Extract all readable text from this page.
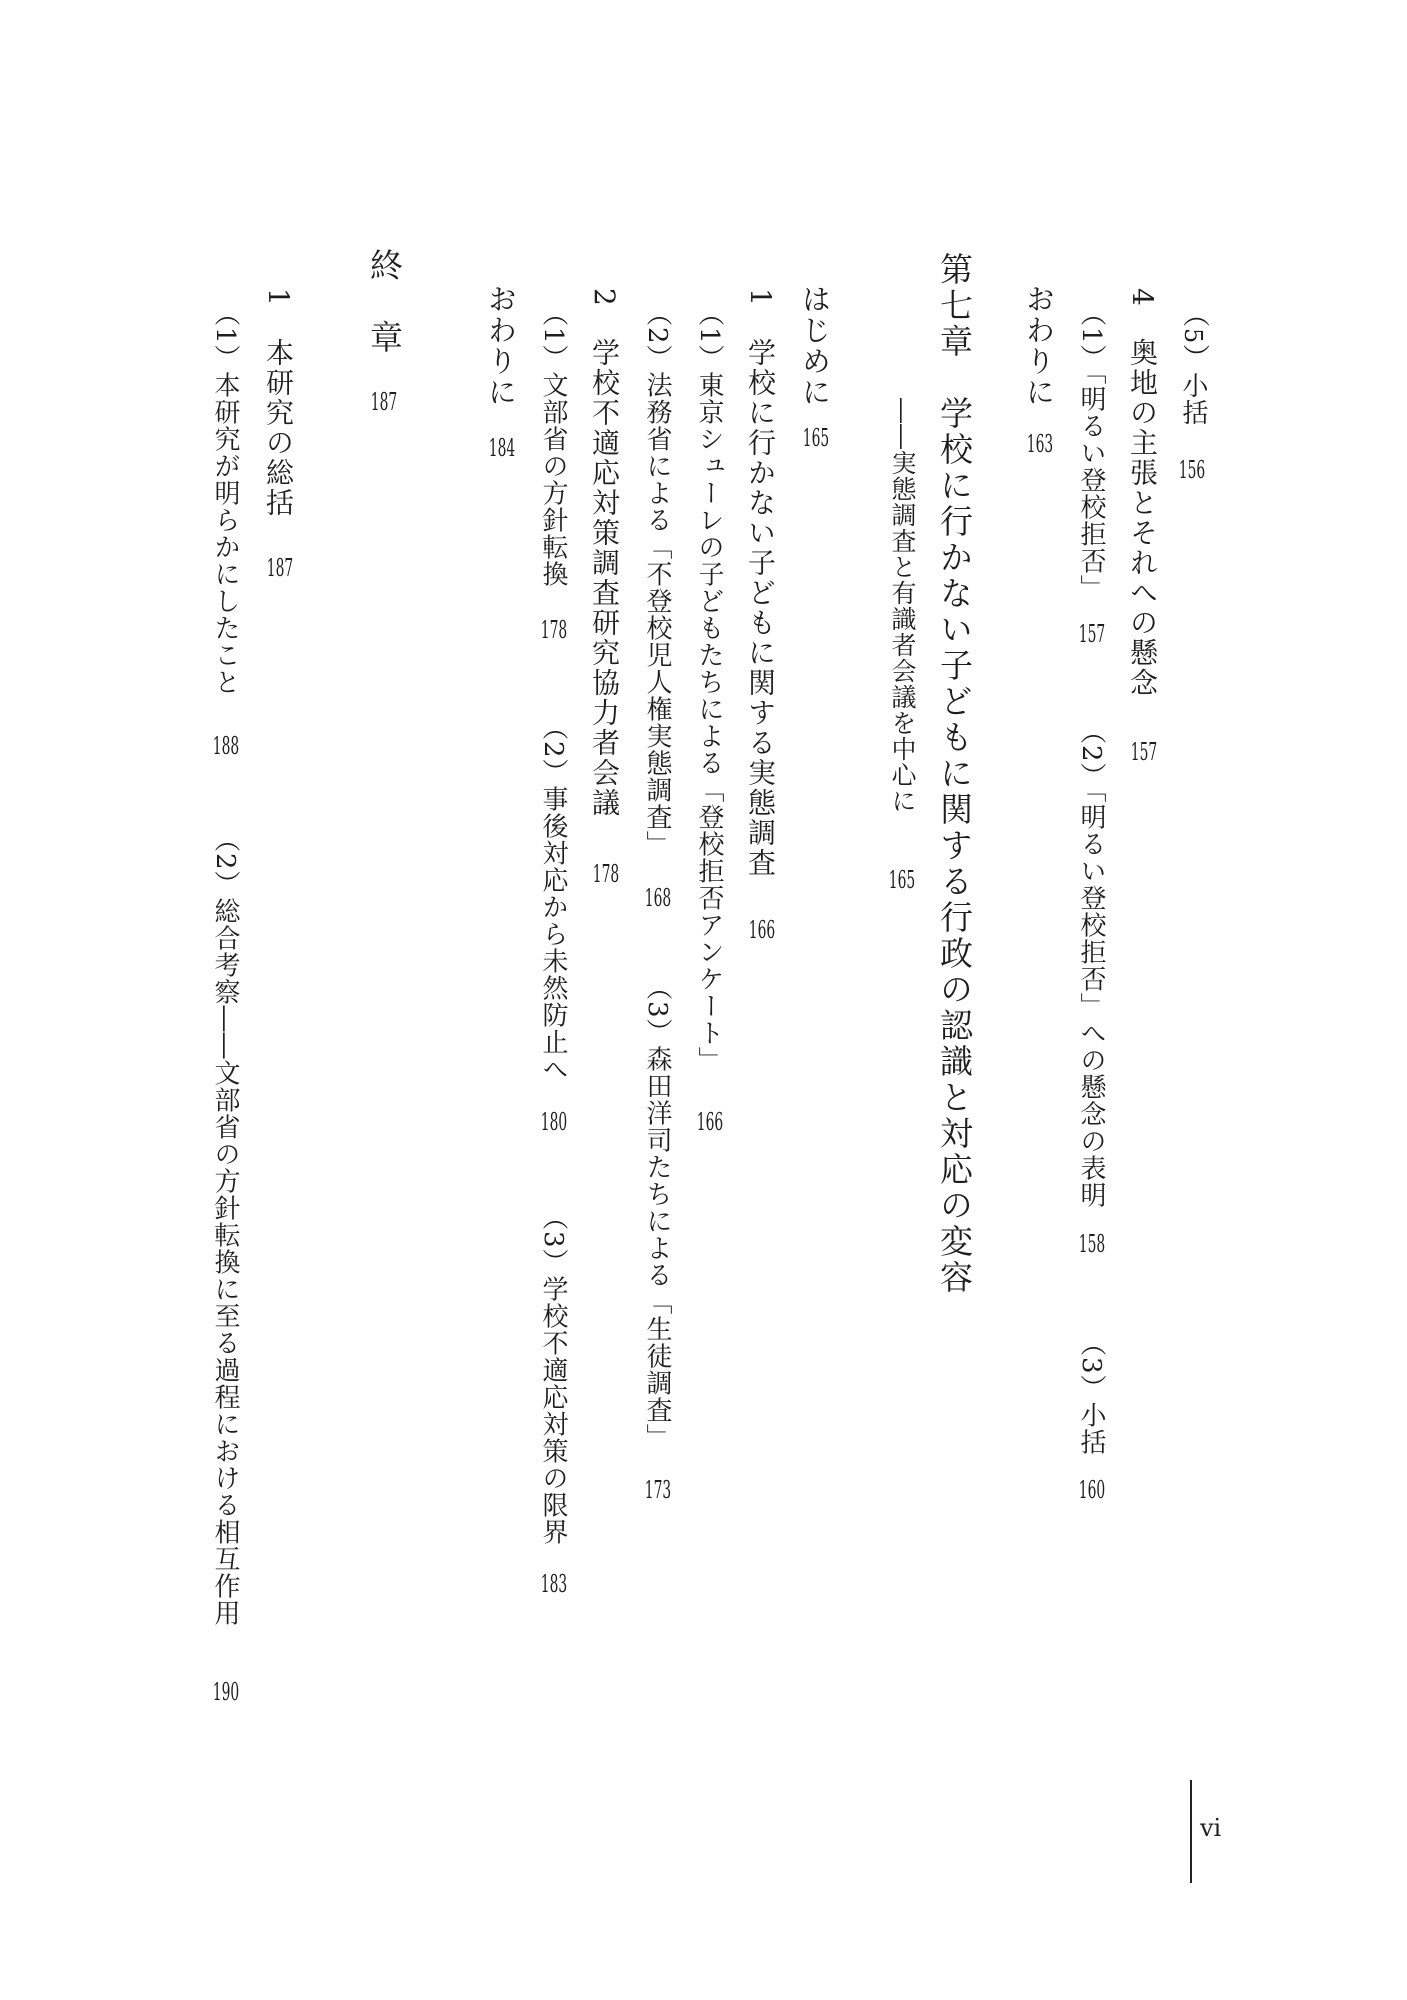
（5）小括
156
4　奥地の主張とそれへの懸念
157
（1）「明るい登校拒否」
157
（2）「明るい登校拒否」への懸念の表明
158
（3）小括
160
おわりに
163
第七章　学校に行かない子どもに関する行政の認識と対応の変容
――実態調査と有識者会議を中心に
165
はじめに
165
1　学校に行かない子どもに関する実態調査
166
（1）東京シューレの子どもたちによる「登校拒否アンケート」
166
（2）法務省による「不登校児人権実態調査」
168
（3）森田洋司たちによる「生徒調査」
173
2　学校不適応対策調査研究協力者会議
178
（1）文部省の方針転換
178
（2）事後対応から未然防止へ
180
（3）学校不適応対策の限界
183
おわりに
184
終　章
187
1　本研究の総括
187
（1）本研究が明らかにしたこと
188
（2）総合考察――文部省の方針転換に至る過程における相互作用
190
vi
